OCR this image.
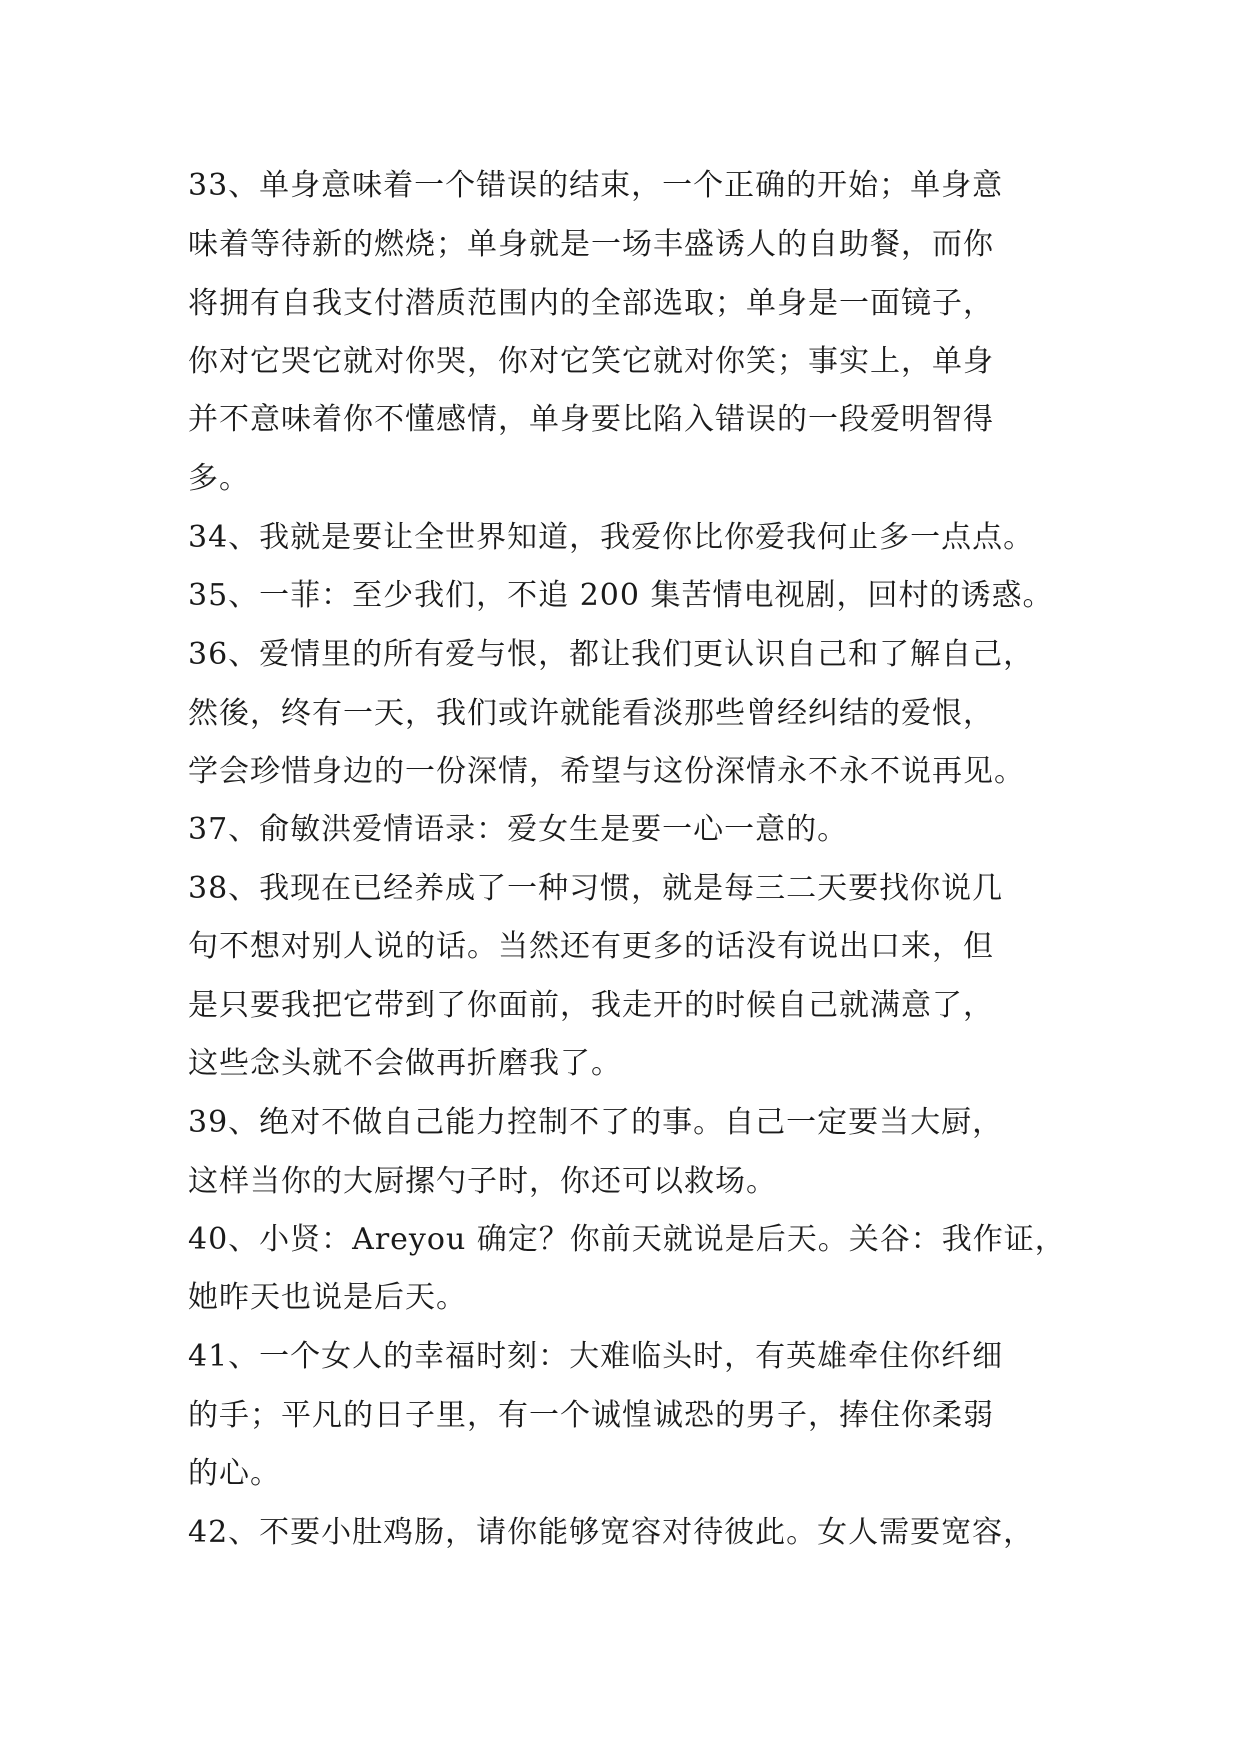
33、单身意味着一个错误的结束，一个正确的开始；单身意

味着等待新的燃烧；单身就是一场丰盛诱人的自助餐，而你

将拥有自我支付潜质范围内的全部选取；单身是一面镜子，

你对它哭它就对你哭，你对它笑它就对你笑；事实上，单身

并不意味着你不懂感情，单身要比陷入错误的一段爱明智得

多。

34、我就是要让全世界知道，我爱你比你爱我何止多一点点。

35、一菲：至少我们，不追 200 集苦情电视剧，回村的诱惑。

36、爱情里的所有爱与恨，都让我们更认识自己和了解自己，

然後，终有一天，我们或许就能看淡那些曾经纠结的爱恨，

学会珍惜身边的一份深情，希望与这份深情永不永不说再见。

37、俞敏洪爱情语录：爱女生是要一心一意的。

38、我现在已经养成了一种习惯，就是每三二天要找你说几

句不想对别人说的话。当然还有更多的话没有说出口来，但

是只要我把它带到了你面前，我走开的时候自己就满意了，

这些念头就不会做再折磨我了。

39、绝对不做自己能力控制不了的事。自己一定要当大厨，

这样当你的大厨摞勺子时，你还可以救场。

40、小贤：Areyou 确定？你前天就说是后天。关谷：我作证，

她昨天也说是后天。

41、一个女人的幸福时刻：大难临头时，有英雄牵住你纤细

的手；平凡的日子里，有一个诚惶诚恐的男子，捧住你柔弱

的心。

42、不要小肚鸡肠，请你能够宽容对待彼此。女人需要宽容，
